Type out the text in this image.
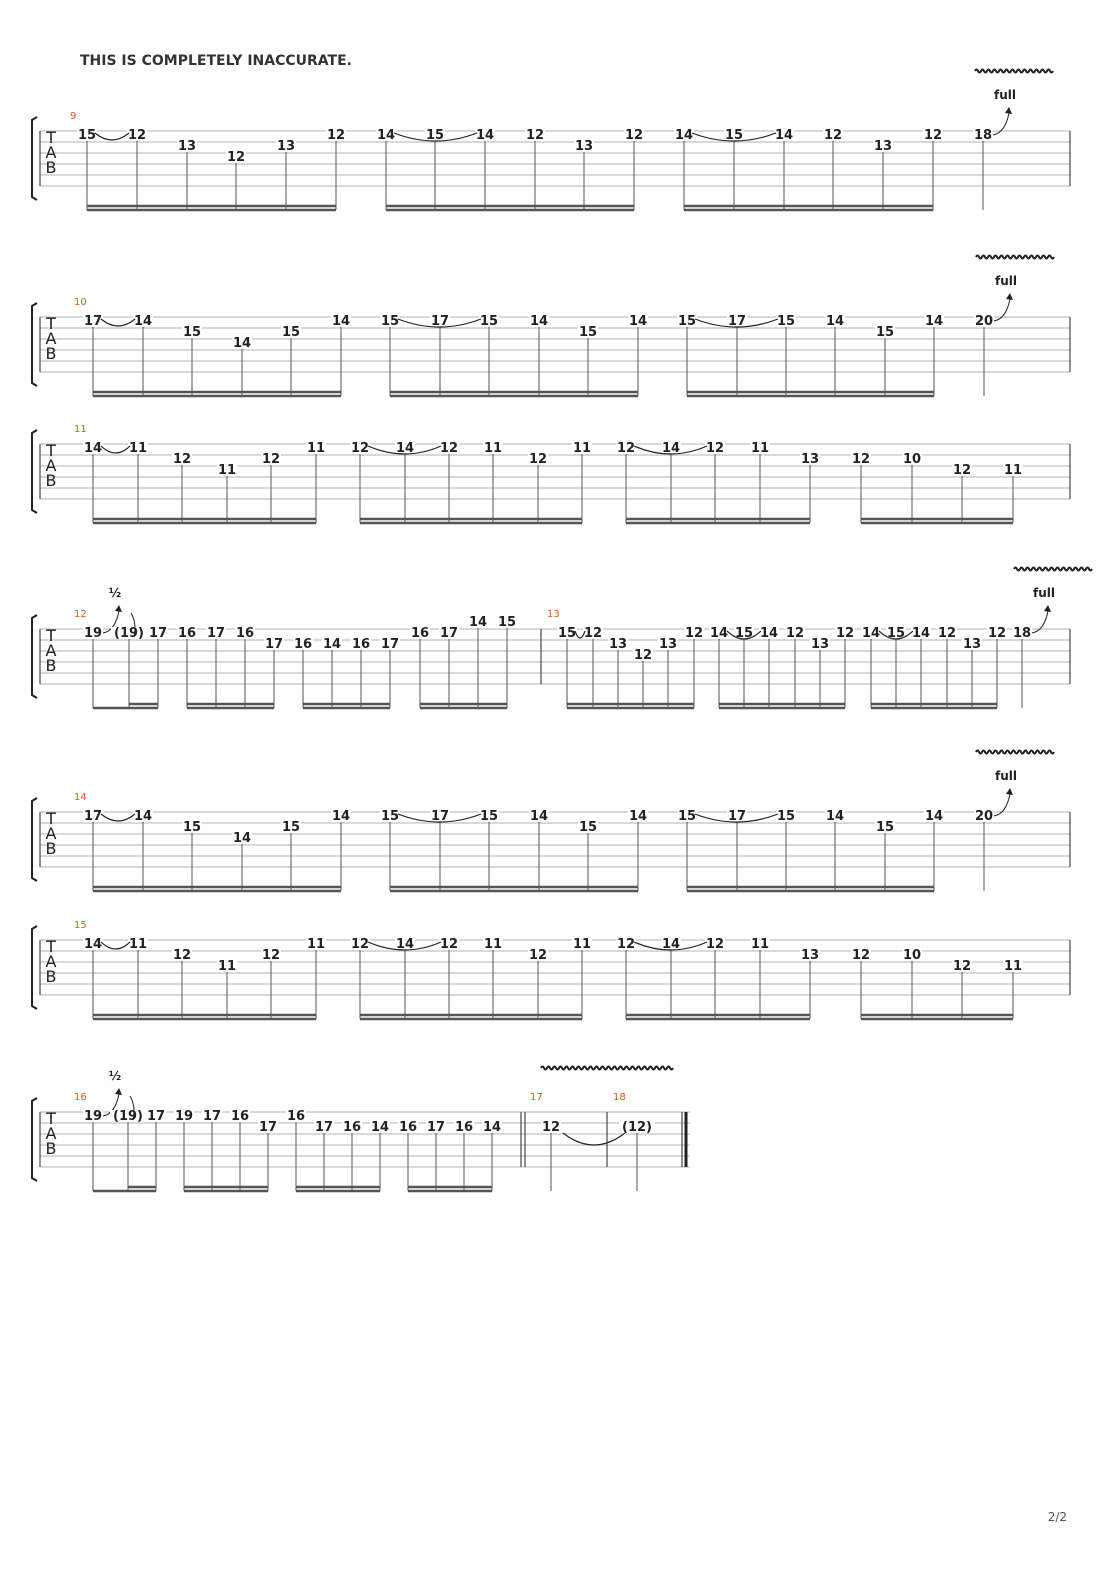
THIS IS COMPLETELY INACCURATE.
T
A
B
9
15 12
13
12
13
12 14 15 14 12
13
12 14 15 14 12
13
12 18
full
T
A
B
10
17 14
15
14
15
14 15 17 15 14
15
14 15 17 15 14
15
14 20
full
T
A
B
11
14 11
12
11
12
11 12 14 12 11
12
11 12 14 12 11
13	12	10
12	11
T
A
B
12
19
½
(19) 17 16 17 16
17 16 14 16 17
16 17
14 15
13
15 12
13
12
13
12 14 15 14 12
13
12 14 15 14 12
13
12 18
full
T
A
B
14
17 14
15
14
15
14 15 17 15 14
15
14 15 17 15 14
15
14 20
full
T
A
B
15
14 11
12
11
12
11 12 14 12 11
12
11 12 14 12 11
13	12	10
12	11
T
A
B
16
19
½
(19) 17 19 17 16
17
16
17 16 14 16 17 16 14
17
12
18
(12)
2/2
